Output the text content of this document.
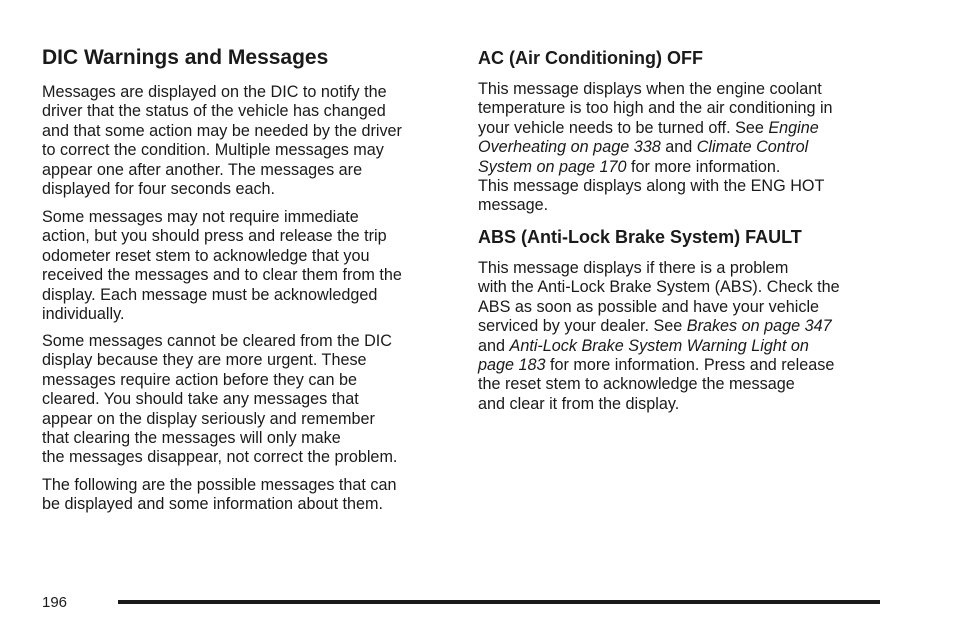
DIC Warnings and Messages

Messages are displayed on the DIC to notify the
driver that the status of the vehicle has changed
and that some action may be needed by the driver
to correct the condition. Multiple messages may
appear one after another. The messages are
displayed for four seconds each.

Some messages may not require immediate
action, but you should press and release the trip
odometer reset stem to acknowledge that you
received the messages and to clear them from the
display. Each message must be acknowledged
individually.

Some messages cannot be cleared from the DIC
display because they are more urgent. These
messages require action before they can be
cleared. You should take any messages that
appear on the display seriously and remember
that clearing the messages will only make
the messages disappear, not correct the problem.

The following are the possible messages that can
be displayed and some information about them.

AC (Air Conditioning) OFF

This message displays when the engine coolant
temperature is too high and the air conditioning in
your vehicle needs to be turned off. See Engine
Overheating on page 338 and Climate Control
System on page 170 for more information.
This message displays along with the ENG HOT
message.

ABS (Anti-Lock Brake System) FAULT

This message displays if there is a problem
with the Anti-Lock Brake System (ABS). Check the
ABS as soon as possible and have your vehicle
serviced by your dealer. See Brakes on page 347
and Anti-Lock Brake System Warning Light on
page 183 for more information. Press and release
the reset stem to acknowledge the message
and clear it from the display.

196
